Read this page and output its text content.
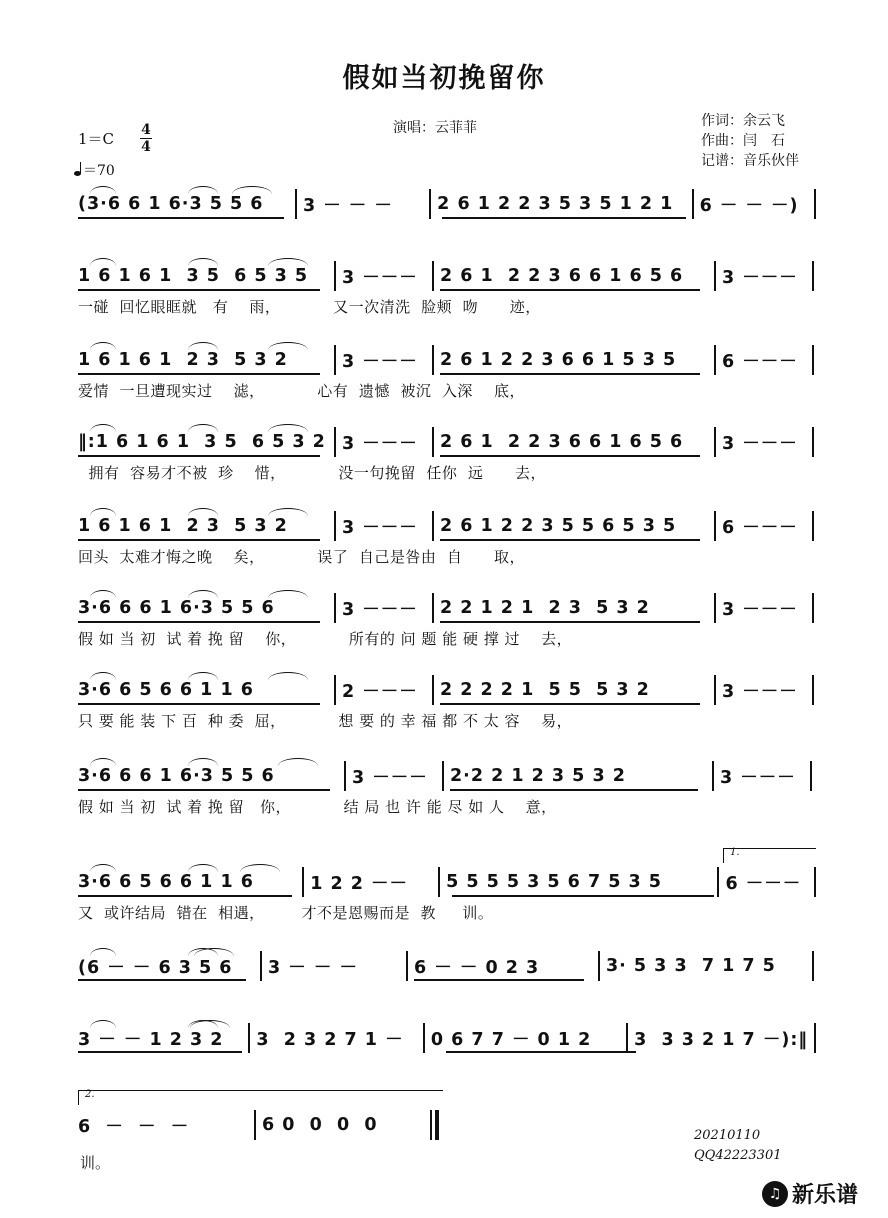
假如当初挽留你
演唱：云菲菲	作词：余云飞
作曲：闫　石
记谱：音乐伙伴
1＝C 4
4
＝70
(3·6 6 1 6·3 5 5 6	3 － － －	2 6 1 2 2 3 5 3 5 1 2 1	6 － － －)
1 6 1 6 1  3 5  6 5 3 5	3 －－－	2 6 1  2 2 3 6 6 1 6 5 6	3 －－－
一碰  回忆眼眶就   有    雨，          又一次清洗  脸颊  吻      迹，
1 6 1 6 1  2 3  5 3 2	3 －－－	2 6 1 2 2 3 6 6 1 5 3 5	6 －－－
爱情  一旦遭现实过    滤，          心有  遗憾  被沉  入深    底，
‖:1 6 1 6 1  3 5  6 5 3 2 3 －－－	2 6 1  2 2 3 6 6 1 6 5 6	3 －－－
拥有  容易才不被  珍    惜，          没一句挽留  任你  远      去，
1 6 1 6 1  2 3  5 3 2	3 －－－	2 6 1 2 2 3 5 5 6 5 3 5	6 －－－
回头  太难才悔之晚    矣，          误了  自己是咎由  自      取，
3·6 6 6 1 6·3 5 5 6	3 －－－	2 2 1 2 1  2 3  5 3 2	3 －－－
假 如 当 初  试 着 挽 留    你，          所有的 问 题 能 硬 撑 过    去，
3·6 6 5 6 6 1 1 6	2 －－－	2 2 2 2 1  5 5  5 3 2	3 －－－
只 要 能 装 下 百  种 委  屈，          想 要 的 幸 福 都 不 太 容    易，
3·6 6 6 1 6·3 5 5 6	3 －－－	2·2 2 1 2 3 5 3 2	3 －－－
假 如 当 初  试 着 挽 留   你，          结 局 也 许 能 尽 如 人    意，
3·6 6 5 6 6 1 1 6	1 2 2 －－	5 5 5 5 3 5 6 7 5 3 5	6 －－－
又  或许结局  错在  相遇，       才不是恩赐而是  教     训。
(6 － － 6 3 5 6	3 － － －	6 － － 0 2 3	3· 5 3 3  7 1 7 5
3 － － 1 2 3 2	3  2 3 2 7 1 －	0 6 7 7 － 0 1 2	3  3 3 2 1 7 －):‖
1.
2.
6  －  －  －	6 0  0  0  0
训。
20210110
QQ42223301
♫ 新乐谱
